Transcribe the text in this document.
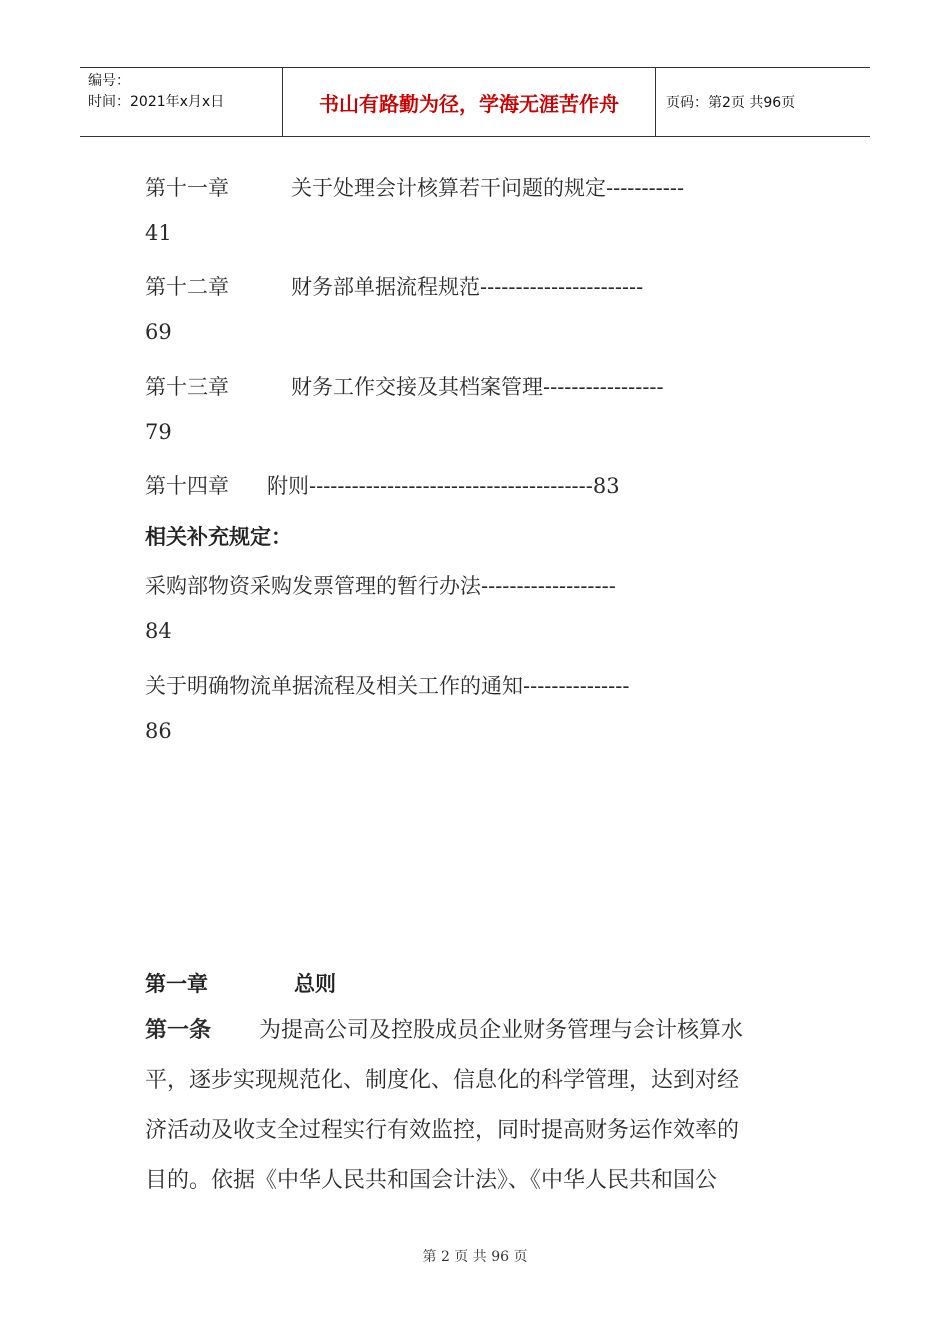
编号：
时间：2021年x月x日	书山有路勤为径，学海无涯苦作舟	页码：第2页 共96页
第十一章	关于处理会计核算若干问题的规定-----------
41
第十二章	财务部单据流程规范-----------------------
69
第十三章	财务工作交接及其档案管理-----------------
79
第十四章 附则----------------------------------------83
相关补充规定：
采购部物资采购发票管理的暂行办法-------------------
84
关于明确物流单据流程及相关工作的通知---------------
86
第一章	总则
第一条 为提高公司及控股成员企业财务管理与会计核算水
平，逐步实现规范化、制度化、信息化的科学管理，达到对经
济活动及收支全过程实行有效监控，同时提高财务运作效率的
目的。依据《中华人民共和国会计法》、《中华人民共和国公
第 2 页 共 96 页
